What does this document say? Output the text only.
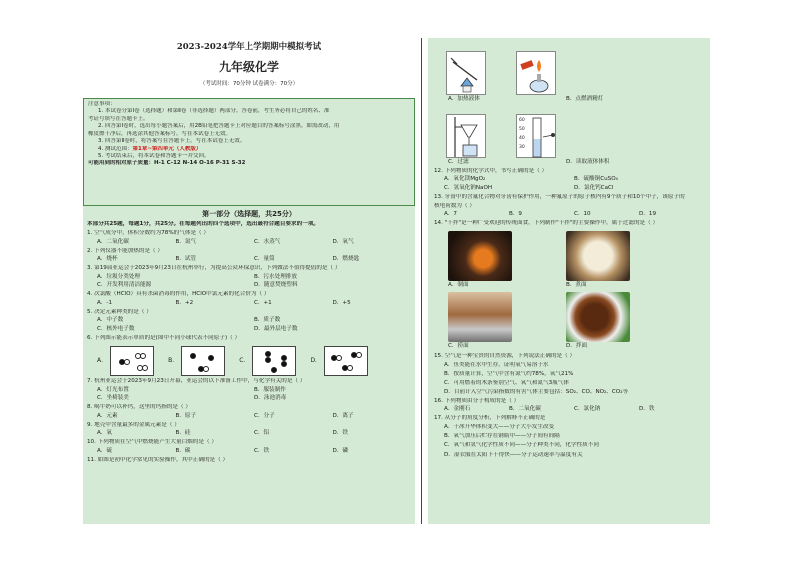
2023-2024学年上学期期中模拟考试
九年级化学
（考试时间：70分钟 试卷满分：70分）
注意事项：
1. 本试卷分第Ⅰ卷（选择题）和第Ⅱ卷（非选择题）两部分。答卷前，考生务必将自己的姓名、准
考证号填写在答题卡上。
2. 回答第Ⅰ卷时，选出每小题答案后，用2B铅笔把答题卡上对应题目的答案标号涂黑。如需改动，用
橡皮擦干净后，再选涂其他答案标号。写在本试卷上无效。
3. 回答第Ⅱ卷时，将答案写在答题卡上。写在本试卷上无效。
4. 测试范围：第1章~第四单元（人教版）
5. 考试结束后，将本试卷和答题卡一并交回。
可能用到的相对原子质量：H-1 C-12 N-14 O-16 P-31 S-32
第一部分（选择题，共25分）
本部分共25题，每题1分，共25分。在每题列出的四个选项中，选出最符合题目要求的一项。
1. 空气成分中，体积分数约为78%的气体是（ ）
A．二氧化碳	B．氮气	C．水蒸气	D．氧气
2. 下列仪器不能加热的是（ ）
A．烧杯	B．试管	C．量筒	D．燃烧匙
3. 第19届亚运会于2023年9月23日在杭州举行，为提高公众环保意识，下列做法不值得提倡的是（ ）
A．垃圾分类处理	B．污水处理排放
C．开发利用清洁能源	D．随意焚烧塑料
4. 次氯酸（HClO）具有杀菌消毒的作用，HClO中氯元素的化合价为（ ）
A．-1	B．+2	C．+1	D．+5
5. 决定元素种类的是（ ）
A．中子数	B．质子数
C．核外电子数	D．最外层电子数
6. 下列图示能表示单质的是(图中不同小球代表不同原子)（ ）
A．	B．	C．	D．
7. 杭州亚运会于2023年9月23日开幕，亚运会的以下准备工作中，与化学有关的是（ ）
A．灯光布置	B．服装制作
C．坐椅装美	D．泳池消毒
8. 喝牛奶可以补钙，这里的钙指的是（ ）
A．元素	B．原子	C．分子	D．离子
9. 地壳中含量最多的金属元素是（ ）
A．氧	B．硅	C．铝	D．铁
10. 下列物质在空气中燃烧能产生大量白烟的是（ ）
A．硫	B．碳	C．铁	D．磷
11. 如图是初中化学常见的实验操作，其中正确的是（ ）
A．加热液体	B．点燃酒精灯
60
50
40
30
C．过滤	D．读取液体体积
12. 下列物质的化学式中，书写正确的是（ ）
A．氧化镁MgO₂	B．硫酸铜CuSO₄
C．氢氧化钠NaOH	D．氯化钙CaCl
13. 牙膏中的含氟化合物对牙齿有保护作用，一种氟原子的原子核内有9个质子和10个中子，该原子的
核电荷数为（ ）
A．7	B．9	C．10	D．19
14. "干拌"是一种广受欢迎的传统面食，下列制作"干拌"的主要操作中，属于过滤的是（ ）
A．制面	B．煮面
C．捞面	D．拌面
15. 空气是一种宝贵的自然资源，下列说法正确的是（ ）
A．鱼类能在水中生存，证明氧气易溶于水
B．按质量计算，空气中含有氮气约78%，氧气21%
C．可用燃着的木条鉴别空气、氧气和氮气3瓶气体
D．目前计入空气污染指数的有害气体主要包括：SO₂、CO、NO₂、CO₂等
16. 下列物质由分子构成的是（ ）
A．金刚石	B．二氧化碳	C．氯化钠	D．铁
17. 从分子的角度分析，下列解释不正确的是
A．干冰升华体积变大——分子大小发生改变
B．氧气加压后贮存在钢瓶中——分子间有间隔
C．氧气和氢气化学性质不同——分子种类不同，化学性质不同
D．湿衣服在太阳下干得快——分子运动速率与温度有关
